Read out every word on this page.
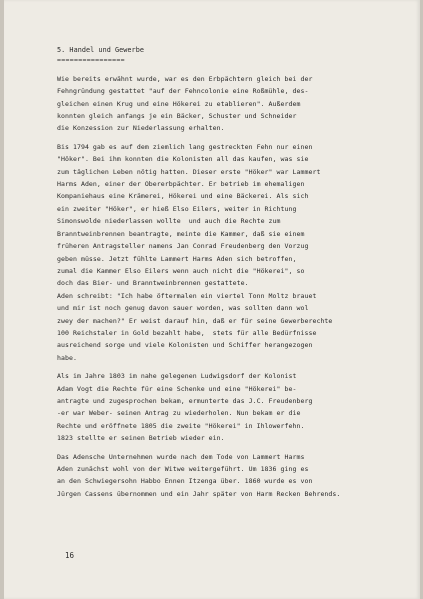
5. Handel und Gewerbe

================

Wie bereits erwähnt wurde, war es den Erbpächtern gleich bei der
Fehngründung gestattet "auf der Fehncolonie eine Roßmühle, des-
gleichen einen Krug und eine Hökerei zu etablieren". Außerdem
konnten gleich anfangs je ein Bäcker, Schuster und Schneider
die Konzession zur Niederlassung erhalten.
Bis 1794 gab es auf dem ziemlich lang gestreckten Fehn nur einen
"Höker". Bei ihm konnten die Kolonisten all das kaufen, was sie
zum täglichen Leben nötig hatten. Dieser erste "Höker" war Lammert
Harms Aden, einer der Obererbpächter. Er betrieb im ehemaligen
Kompaniehaus eine Krämerei, Hökerei und eine Bäckerei. Als sich
ein zweiter "Höker", er hieß Elso Eilers, weiter in Richtung
Simonswolde niederlassen wollte  und auch die Rechte zum
Branntweinbrennen beantragte, meinte die Kammer, daß sie einem
früheren Antragsteller namens Jan Conrad Freudenberg den Vorzug
geben müsse. Jetzt fühlte Lammert Harms Aden sich betroffen,
zumal die Kammer Elso Eilers wenn auch nicht die "Hökerei", so
doch das Bier- und Branntweinbrennen gestattete.
Aden schreibt: "Ich habe öftermalen ein viertel Tonn Moltz brauet
und mir ist noch genug davon sauer worden, was sollten dann wol
zwey der machen?" Er weist darauf hin, daß er für seine Gewerberechte
100 Reichstaler in Gold bezahlt habe,  stets für alle Bedürfnisse
ausreichend sorge und viele Kolonisten und Schiffer herangezogen
habe.
Als im Jahre 1803 im nahe gelegenen Ludwigsdorf der Kolonist
Adam Vogt die Rechte für eine Schenke und eine "Hökerei" be-
antragte und zugesprochen bekam, ermunterte das J.C. Freudenberg
-er war Weber- seinen Antrag zu wiederholen. Nun bekam er die
Rechte und eröffnete 1805 die zweite "Hökerei" in Ihlowerfehn.
1823 stellte er seinen Betrieb wieder ein.
Das Adensche Unternehmen wurde nach dem Tode von Lammert Harms
Aden zunächst wohl von der Witwe weitergeführt. Um 1836 ging es
an den Schwiegersohn Habbo Ennen Itzenga über. 1860 wurde es von
Jürgen Cassens übernommen und ein Jahr später von Harm Recken Behrends.
16
